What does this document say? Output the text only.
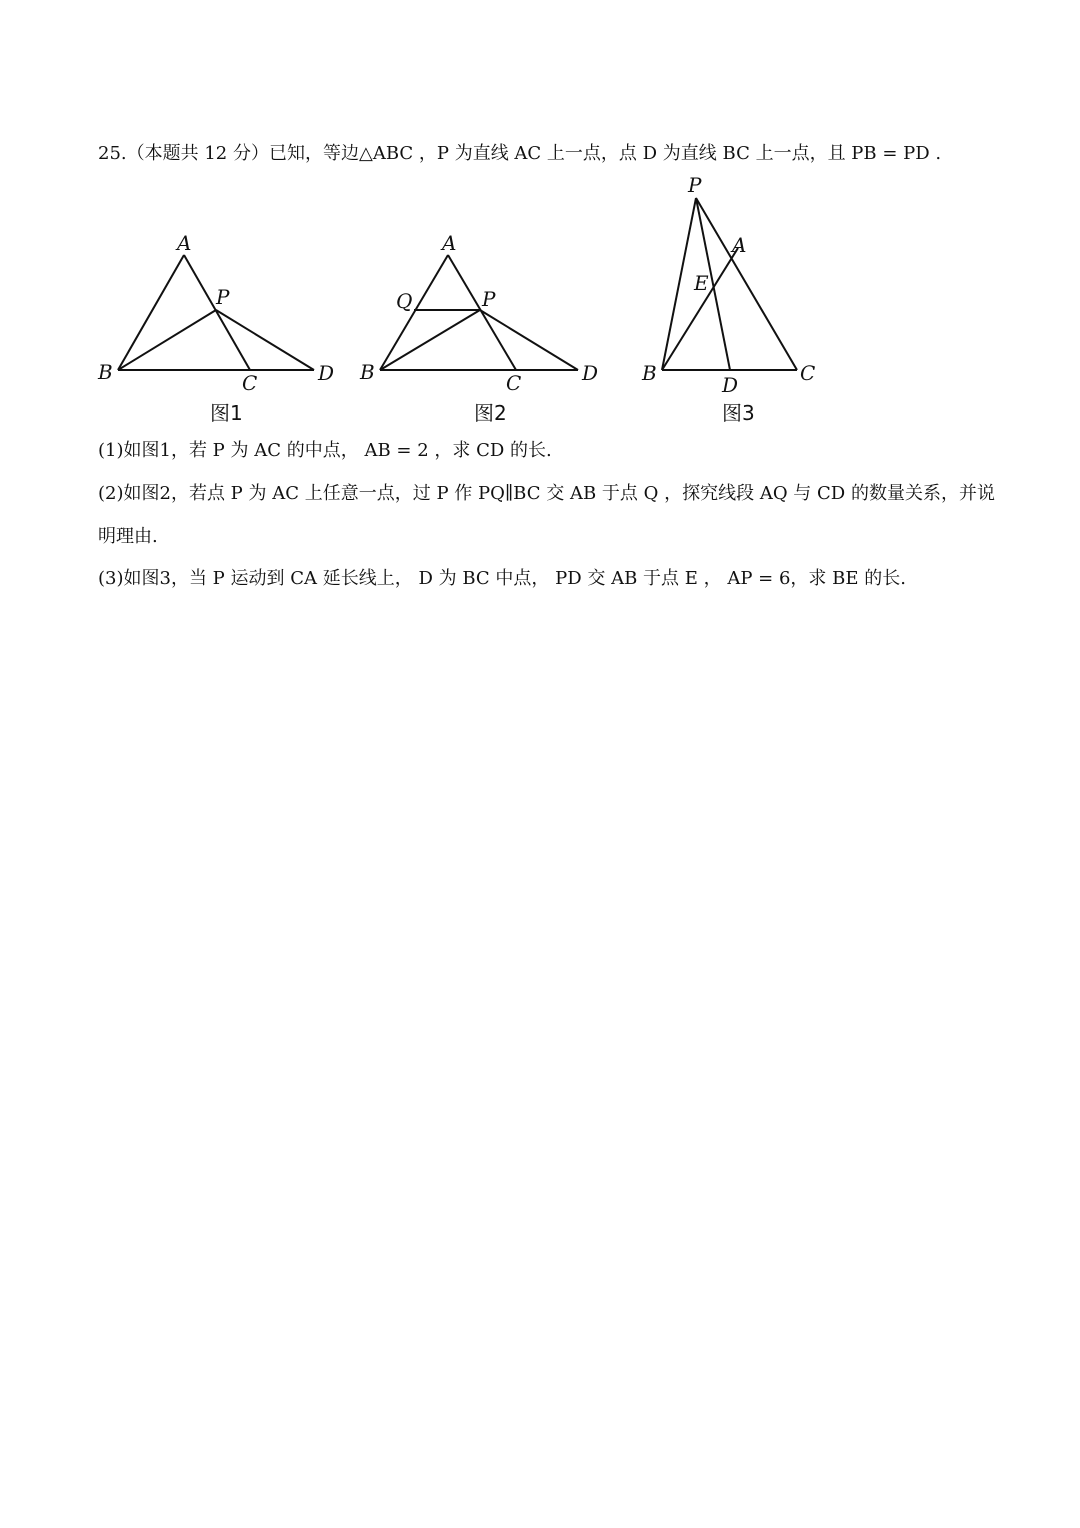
25.（本题共 12 分）已知，等边△ABC ，P 为直线 AC 上一点，点 D 为直线 BC 上一点，且 PB = PD .
A
B	C	D
P
A
B	C	D
P
Q
P
A
E
B	C
D
图1	图2	图3
(1)如图1，若 P 为 AC 的中点， AB = 2 ，求 CD 的长.
(2)如图2，若点 P 为 AC 上任意一点，过 P 作 PQ∥BC 交 AB 于点 Q ，探究线段 AQ 与 CD 的数量关系，并说
明理由.
(3)如图3，当 P 运动到 CA 延长线上， D 为 BC 中点， PD 交 AB 于点 E ， AP = 6，求 BE 的长.
